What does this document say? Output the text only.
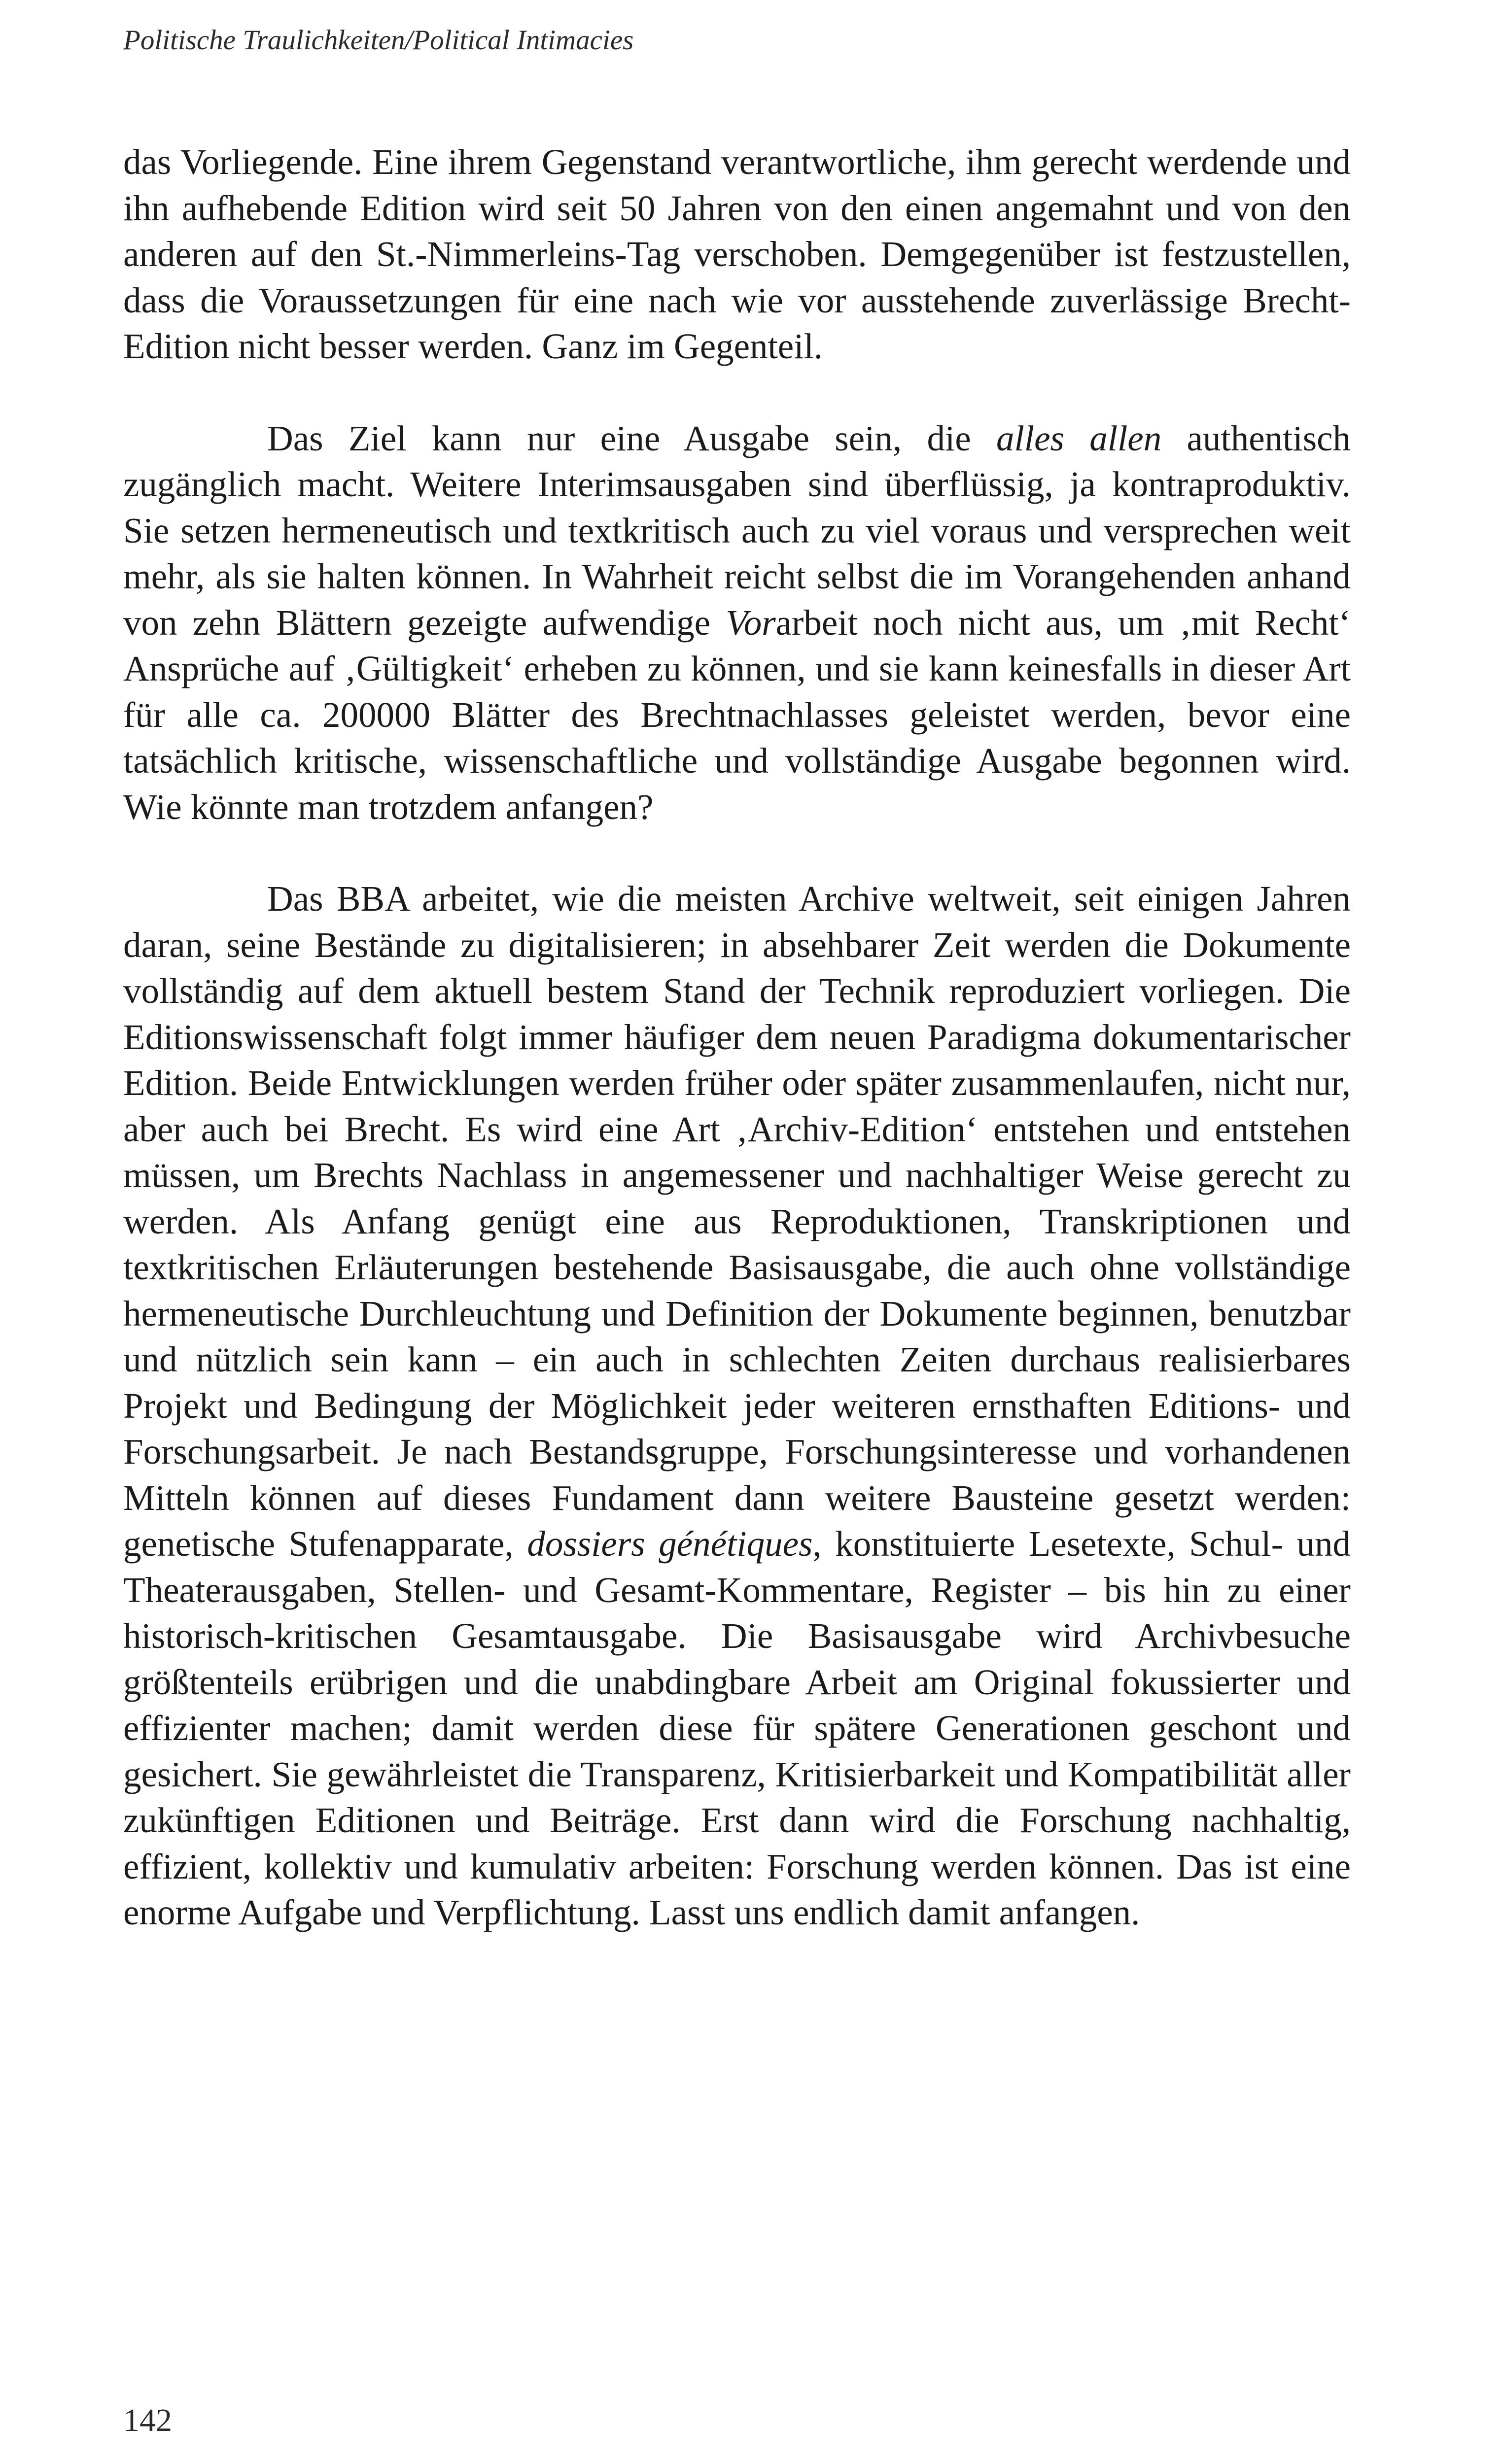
Politische Traulichkeiten/Political Intimacies

das Vorliegende. Eine ihrem Gegenstand verantwortliche, ihm gerecht werdende und ihn aufhebende Edition wird seit 50 Jahren von den einen angemahnt und von den anderen auf den St.-Nimmerleins-Tag verschoben. Demgegenüber ist festzustellen, dass die Voraussetzungen für eine nach wie vor ausstehende zuverlässige Brecht-Edition nicht besser werden. Ganz im Gegenteil.

Das Ziel kann nur eine Ausgabe sein, die alles allen authentisch zugänglich macht. Weitere Interimsausgaben sind überflüssig, ja kontraproduktiv. Sie setzen hermeneutisch und textkritisch auch zu viel voraus und versprechen weit mehr, als sie halten können. In Wahrheit reicht selbst die im Vorangehenden anhand von zehn Blättern gezeigte aufwendige Vorarbeit noch nicht aus, um ‚mit Recht‘ Ansprüche auf ‚Gültigkeit‘ erheben zu können, und sie kann keinesfalls in dieser Art für alle ca. 200000 Blätter des Brechtnachlasses geleistet werden, bevor eine tatsächlich kritische, wissenschaftliche und vollständige Ausgabe begonnen wird. Wie könnte man trotzdem anfangen?

Das BBA arbeitet, wie die meisten Archive weltweit, seit einigen Jahren daran, seine Bestände zu digitalisieren; in absehbarer Zeit werden die Dokumente vollständig auf dem aktuell bestem Stand der Technik reproduziert vorliegen. Die Editionswissenschaft folgt immer häufiger dem neuen Paradigma dokumentarischer Edition. Beide Entwicklungen werden früher oder später zusammenlaufen, nicht nur, aber auch bei Brecht. Es wird eine Art ‚Archiv-Edition‘ entstehen und entstehen müssen, um Brechts Nachlass in angemessener und nachhaltiger Weise gerecht zu werden. Als Anfang genügt eine aus Reproduktionen, Transkriptionen und textkritischen Erläuterungen bestehende Basisausgabe, die auch ohne vollständige hermeneutische Durchleuchtung und Definition der Dokumente beginnen, benutzbar und nützlich sein kann – ein auch in schlechten Zeiten durchaus realisierbares Projekt und Bedingung der Möglichkeit jeder weiteren ernsthaften Editions- und Forschungsarbeit. Je nach Bestandsgruppe, Forschungsinteresse und vorhandenen Mitteln können auf dieses Fundament dann weitere Bausteine gesetzt werden: genetische Stufenapparate, dossiers génétiques, konstituierte Lesetexte, Schul- und Theaterausgaben, Stellen- und Gesamt-Kommentare, Register – bis hin zu einer historisch-kritischen Gesamtausgabe. Die Basisausgabe wird Archivbesuche größtenteils erübrigen und die unabdingbare Arbeit am Original fokussierter und effizienter machen; damit werden diese für spätere Generationen geschont und gesichert. Sie gewährleistet die Transparenz, Kritisierbarkeit und Kompatibilität aller zukünftigen Editionen und Beiträge. Erst dann wird die Forschung nachhaltig, effizient, kollektiv und kumulativ arbeiten: Forschung werden können. Das ist eine enorme Aufgabe und Verpflichtung. Lasst uns endlich damit anfangen.

142
